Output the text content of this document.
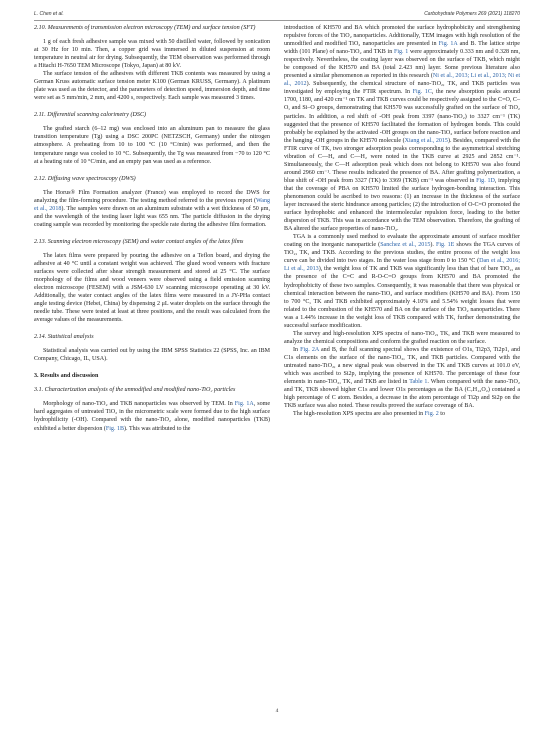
L. Chen et al.	Carbohydrate Polymers 269 (2021) 118270
2.10. Measurements of transmission electron microscopy (TEM) and surface tension (SFT)

1 g of each fresh adhesive sample was mixed with 50 distilled water, followed by sonication at 30 Hz for 10 min. Then, a copper grid was immersed in diluted suspension at room temperature in neutral air for drying. Subsequently, the TEM observation was performed through a Hitachi H-7650 TEM Microscope (Tokyo, Japan) at 80 kV.

The surface tension of the adhesives with different TKB contents was measured by using a German Kruss automatic surface tension meter K100 (German KRUSS, Germany). A platinum plate was used as the detector, and the parameters of detection speed, immersion depth, and time were set as 5 mm/min, 2 mm, and 4200 s, respectively. Each sample was measured 3 times.

2.11. Differential scanning calorimetry (DSC)

The grafted starch (6–12 mg) was enclosed into an aluminum pan to measure the glass transition temperature (Tg) using a DSC 200PC (NETZSCH, Germany) under the nitrogen atmosphere. A preheating from 10 to 100 °C (10 °C/min) was performed, and then the temperature range was cooled to 10 °C. Subsequently, the Tg was measured from −70 to 120 °C at a heating rate of 10 °C/min, and an empty pan was used as a reference.

2.12. Diffusing wave spectroscopy (DWS)

The Horus® Film Formation analyzer (France) was employed to record the DWS for analyzing the film-forming procedure. The testing method referred to the previous report (Wang et al., 2018). The samples were drawn on an aluminum substrate with a wet thickness of 50 μm, and the wavelength of the testing laser light was 655 nm. The particle diffusion in the drying coating sample was recorded by monitoring the speckle rate during the adhesive film formation.

2.13. Scanning electron microscopy (SEM) and water contact angles of the latex films

The latex films were prepared by pouring the adhesive on a Teflon board, and drying the adhesive at 40 °C until a constant weight was achieved. The glued wood veneers with fracture surfaces were collected after shear strength measurement and stored at 25 °C. The surface morphology of the films and wood veneers were observed using a field emission scanning electron microscope (FESEM) with a JSM-630 LV scanning microscope operating at 30 kV. Additionally, the water contact angles of the latex films were measured in a JY-PHa contact angle testing device (Hebei, China) by dispensing 2 μL water droplets on the surface through the needle tube. These were tested at least at three positions, and the result was calculated from the average values of the measurements.

2.14. Statistical analysis

Statistical analysis was carried out by using the IBM SPSS Statistics 22 (SPSS, Inc. an IBM Company, Chicago, IL, USA).

3. Results and discussion
3.1. Characterization analysis of the unmodified and modified nano-TiO₂ particles

Morphology of nano-TiO₂ and TKB nanoparticles was observed by TEM. In Fig. 1A, some hard aggregates of untreated TiO₂ in the micrometric scale were formed due to the high surface hydrophilicity (-OH). Compared with the nano-TiO₂ alone, modified nanoparticles (TKB) exhibited a better dispersion (Fig. 1B). This was attributed to the

introduction of KH570 and BA which promoted the surface hydrophobicity and strengthening repulsive forces of the TiO₂ nanoparticles. Additionally, TEM images with high resolution of the unmodified and modified TiO₂ nanoparticles are presented in Fig. 1A and B. The lattice stripe width (101 Plane) of nano-TiO₂ and TKB in Fig. 1 were approximately 0.333 nm and 0.328 nm, respectively. Nevertheless, the coating layer was observed on the surface of TKB, which might be composed of the KH570 and BA (total 2.423 nm) layer. Some previous literature also presented a similar phenomenon as reported in this research (Ni et al., 2013; Li et al., 2013; Ni et al., 2012). Subsequently, the chemical structure of nano-TiO₂, TK, and TKB particles was investigated by employing the FTIR spectrum. In Fig. 1C, the new absorption peaks around 1700, 1180, and 420 cm⁻¹ on TK and TKB curves could be respectively assigned to the C=O, C–O, and Si–O groups, demonstrating that KH570 was successfully grafted on the surface of TiO₂ particles. In addition, a red shift of -OH peak from 3397 (nano-TiO₂) to 3327 cm⁻¹ (TK) suggested that the presence of KH570 facilitated the formation of hydrogen bonds. This could probably be explained by the activated -OH groups on the nano-TiO₂ surface before reaction and the hanging -OH groups in the KH570 molecule (Xiang et al., 2015). Besides, compared with the FTIR curve of TK, two stronger adsorption peaks corresponding to the asymmetrical stretching vibration of C—H₂ and C—H₂ were noted in the TKB curve at 2925 and 2852 cm⁻¹. Simultaneously, the C—H adsorption peak which does not belong to KH570 was also found around 2960 cm⁻¹. These results indicated the presence of BA. After grafting polymerization, a blue shift of -OH peak from 3327 (TK) to 3369 (TKB) cm⁻¹ was observed in Fig. 1D, implying that the coverage of PBA on KH570 limited the surface hydrogen-bonding interaction. This phenomenon could be ascribed to two reasons: (1) an increase in the thickness of the surface layer increased the steric hindrance among particles; (2) the introduction of O-C=O promoted the surface hydrophobic and enhanced the intermolecular repulsion force, leading to the better dispersion of TKB. This was in accordance with the TEM observation. Therefore, the grafting of BA altered the surface properties of nano-TiO₂.

TGA is a commonly used method to evaluate the approximate amount of surface modifier coating on the inorganic nanoparticle (Sanchez et al., 2015). Fig. 1E shows the TGA curves of TiO₂, TK, and TKB. According to the previous studies, the entire process of the weight loss curve can be divided into two stages. In the water loss stage from 0 to 150 °C (Dan et al., 2016; Li et al., 2013), the weight loss of TK and TKB was significantly less than that of bare TiO₂, as the presence of the C=C and R-O-C=O groups from KH570 and BA promoted the hydrophobicity of these two samples. Consequently, it was reasonable that there was physical or chemical interaction between the nano-TiO₂ and surface modifiers (KH570 and BA). From 150 to 700 °C, TK and TKB exhibited approximately 4.10% and 5.54% weight losses that were related to the combustion of the KH570 and BA on the surface of the TiO₂ nanoparticles. There was a 1.44% increase in the weight loss of TKB compared with TK, further demonstrating the successful surface modification.

The survey and high-resolution XPS spectra of nano-TiO₂, TK, and TKB were measured to analyze the chemical compositions and conform the grafted reaction on the surface.

In Fig. 2A and B, the full scanning spectral shows the existence of O1s, Ti2p3, Ti2p1, and C1s elements on the surface of the nano-TiO₂, TK, and TKB particles. Compared with the untreated nano-TiO₂, a new signal peak was observed in the TK and TKB curves at 101.0 eV, which was ascribed to Si2p, implying the presence of KH570. The percentage of these four elements in nano-TiO₂, TK, and TKB are listed in Table 1. When compared with the nano-TiO₂ and TK, TKB showed higher C1s and lower O1s percentages as the BA (C₇H₁₂O₂) contained a high percentage of C atom. Besides, a decrease in the atom percentage of Ti2p and Si2p on the TKB surface was also noted. These results proved the surface coverage of BA.

The high-resolution XPS spectra are also presented in Fig. 2 to

4
